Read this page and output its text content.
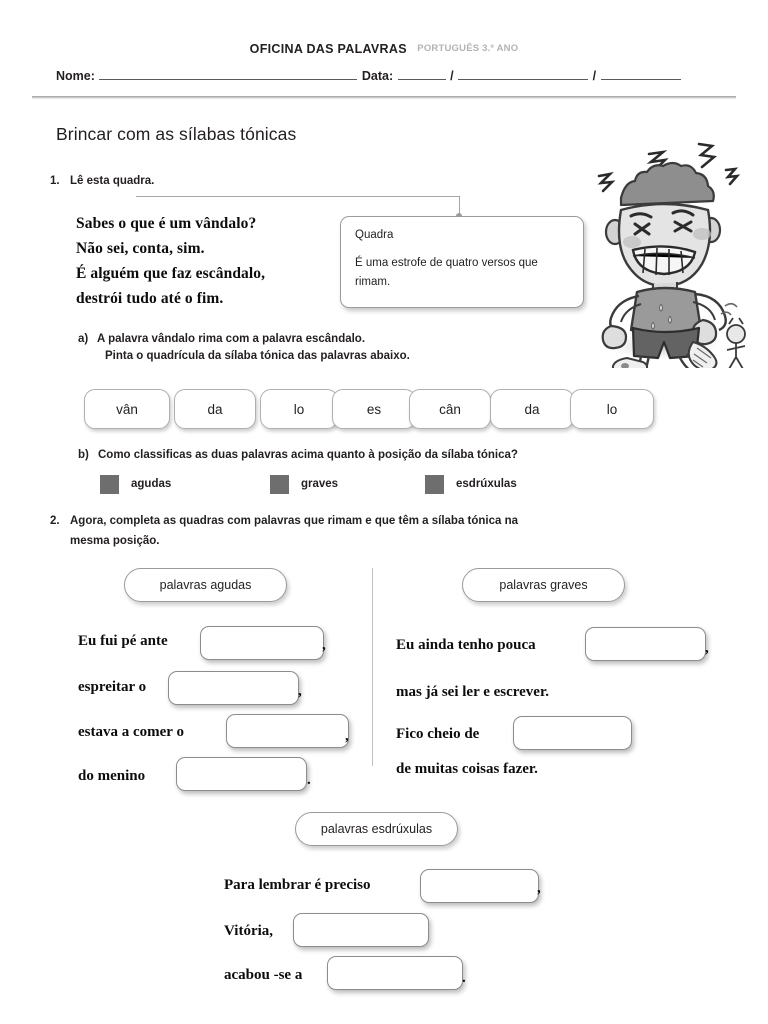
OFICINA DAS PALAVRAS PORTUGUÊS 3.º ANO
Nome:	Data:	/	/
Brincar com as sílabas tónicas
1. Lê esta quadra.
Sabes o que é um vândalo?
Não sei, conta, sim.
É alguém que faz escândalo,
destrói tudo até o fim.
Quadra
É uma estrofe de quatro versos que rimam.
a) A palavra vândalo rima com a palavra escândalo.
Pinta o quadrícula da sílaba tónica das palavras abaixo.
vân	da	lo	es	cân	da	lo
b) Como classificas as duas palavras acima quanto à posição da sílaba tónica?
agudas	graves	esdrúxulas
2. Agora, completa as quadras com palavras que rimam e que têm a sílaba tónica na
mesma posição.
palavras agudas	palavras graves
palavras esdrúxulas
Eu fui pé ante	,
espreitar o	,
estava a comer o	,
do menino	.
Eu ainda tenho pouca	,
mas já sei ler e escrever.
Fico cheio de
de muitas coisas fazer.
Para lembrar é preciso	,
Vitória,
acabou -se a	.
